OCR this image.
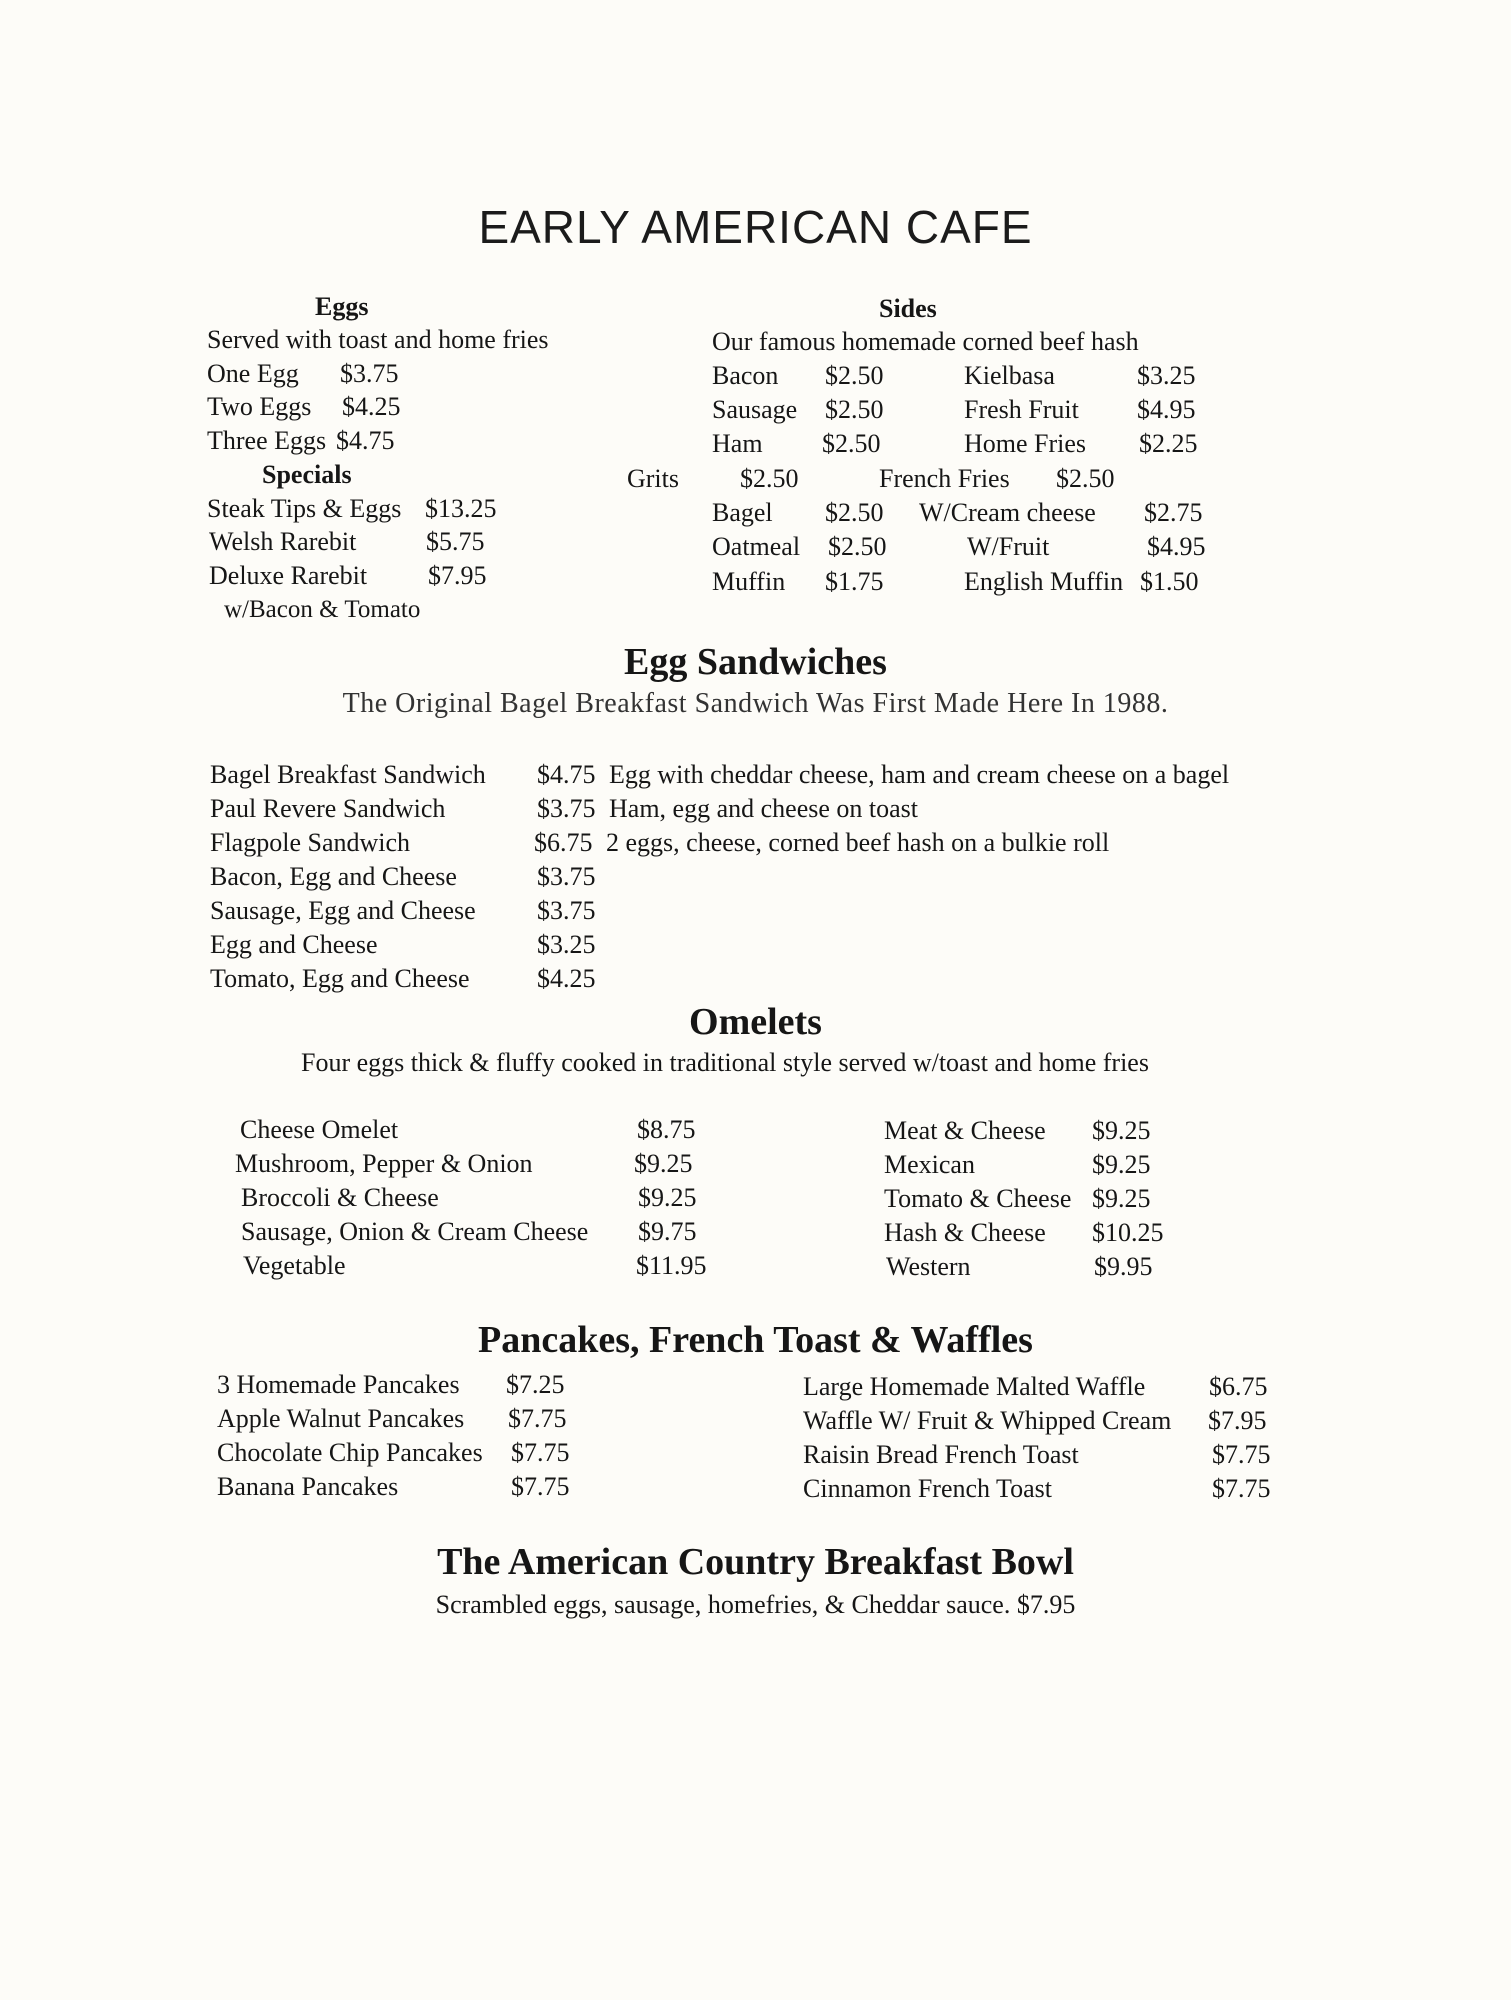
EARLY AMERICAN CAFE
Eggs
Served with toast and home fries
One Egg $3.75
Two Eggs $4.25
Three Eggs $4.75
Specials
Steak Tips & Eggs $13.25
Welsh Rarebit	$5.75
Deluxe Rarebit $7.95
w/Bacon & Tomato
Sides
Our famous homemade corned beef hash
Bacon $2.50	Kielbasa	$3.25
Sausage $2.50	Fresh Fruit $4.95
Ham $2.50	Home Fries $2.25
Grits $2.50	French Fries $2.50
Bagel $2.50 W/Cream cheese $2.75
Oatmeal $2.50	W/Fruit	$4.95
Muffin $1.75	English Muffin $1.50
Egg Sandwiches
The Original Bagel Breakfast Sandwich Was First Made Here In 1988.
Bagel Breakfast Sandwich $4.75 Egg with cheddar cheese, ham and cream cheese on a bagel
Paul Revere Sandwich	$3.75 Ham, egg and cheese on toast
Flagpole Sandwich	$6.75 2 eggs, cheese, corned beef hash on a bulkie roll
Bacon, Egg and Cheese	$3.75
Sausage, Egg and Cheese $3.75
Egg and Cheese	$3.25
Tomato, Egg and Cheese	$4.25
Omelets
Four eggs thick & fluffy cooked in traditional style served w/toast and home fries
Cheese Omelet	$8.75
Mushroom, Pepper & Onion	$9.25
Broccoli & Cheese	$9.25
Sausage, Onion & Cream Cheese $9.75
Vegetable	$11.95
Meat & Cheese $9.25
Mexican	$9.25
Tomato & Cheese $9.25
Hash & Cheese $10.25
Western	$9.95
Pancakes, French Toast & Waffles
3 Homemade Pancakes $7.25
Apple Walnut Pancakes $7.75
Chocolate Chip Pancakes $7.75
Banana Pancakes	$7.75
Large Homemade Malted Waffle $6.75
Waffle W/ Fruit & Whipped Cream $7.95
Raisin Bread French Toast	$7.75
Cinnamon French Toast	$7.75
The American Country Breakfast Bowl
Scrambled eggs, sausage, homefries, & Cheddar sauce. $7.95
